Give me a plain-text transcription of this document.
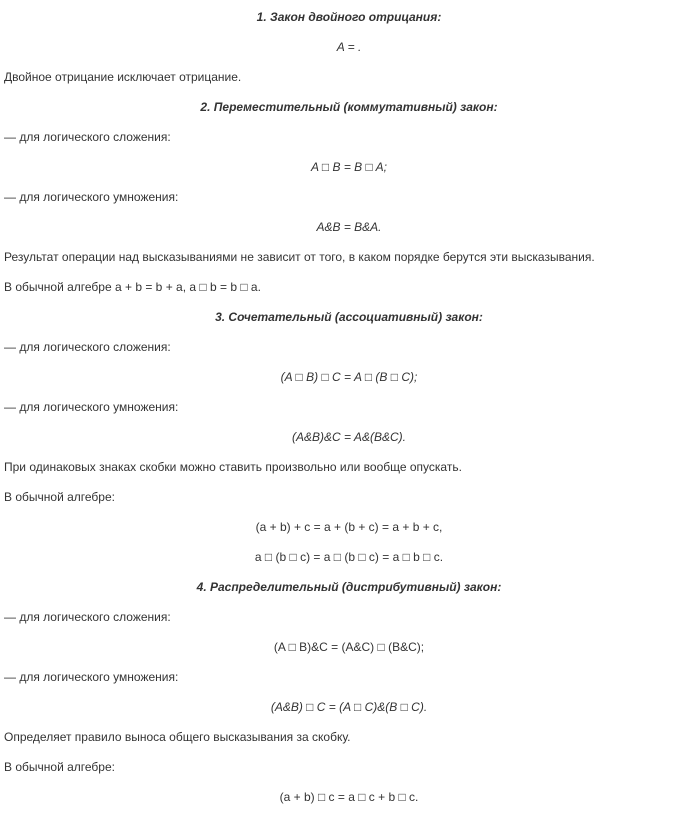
1. Закон двойного отрицания:
A = .
Двойное отрицание исключает отрицание.
2. Переместительный (коммутативный) закон:
— для логического сложения:
A □ B = B □ A;
— для логического умножения:
A&B = B&A.
Результат операции над высказываниями не зависит от того, в каком порядке берутся эти высказывания.
В обычной алгебре a + b = b + a, a □ b = b □ a.
3. Сочетательный (ассоциативный) закон:
— для логического сложения:
(A □ B) □ C = A □ (B □ C);
— для логического умножения:
(A&B)&C = A&(B&C).
При одинаковых знаках скобки можно ставить произвольно или вообще опускать.
В обычной алгебре:
(a + b) + c = a + (b + c) = a + b + c,
a □ (b □ c) = a □ (b □ c) = a □ b □ c.
4. Распределительный (дистрибутивный) закон:
— для логического сложения:
(A □ B)&C = (A&C) □ (B&C);
— для логического умножения:
(A&B) □ C = (A □ C)&(B □ C).
Определяет правило выноса общего высказывания за скобку.
В обычной алгебре:
(a + b) □ c = a □ c + b □ c.
